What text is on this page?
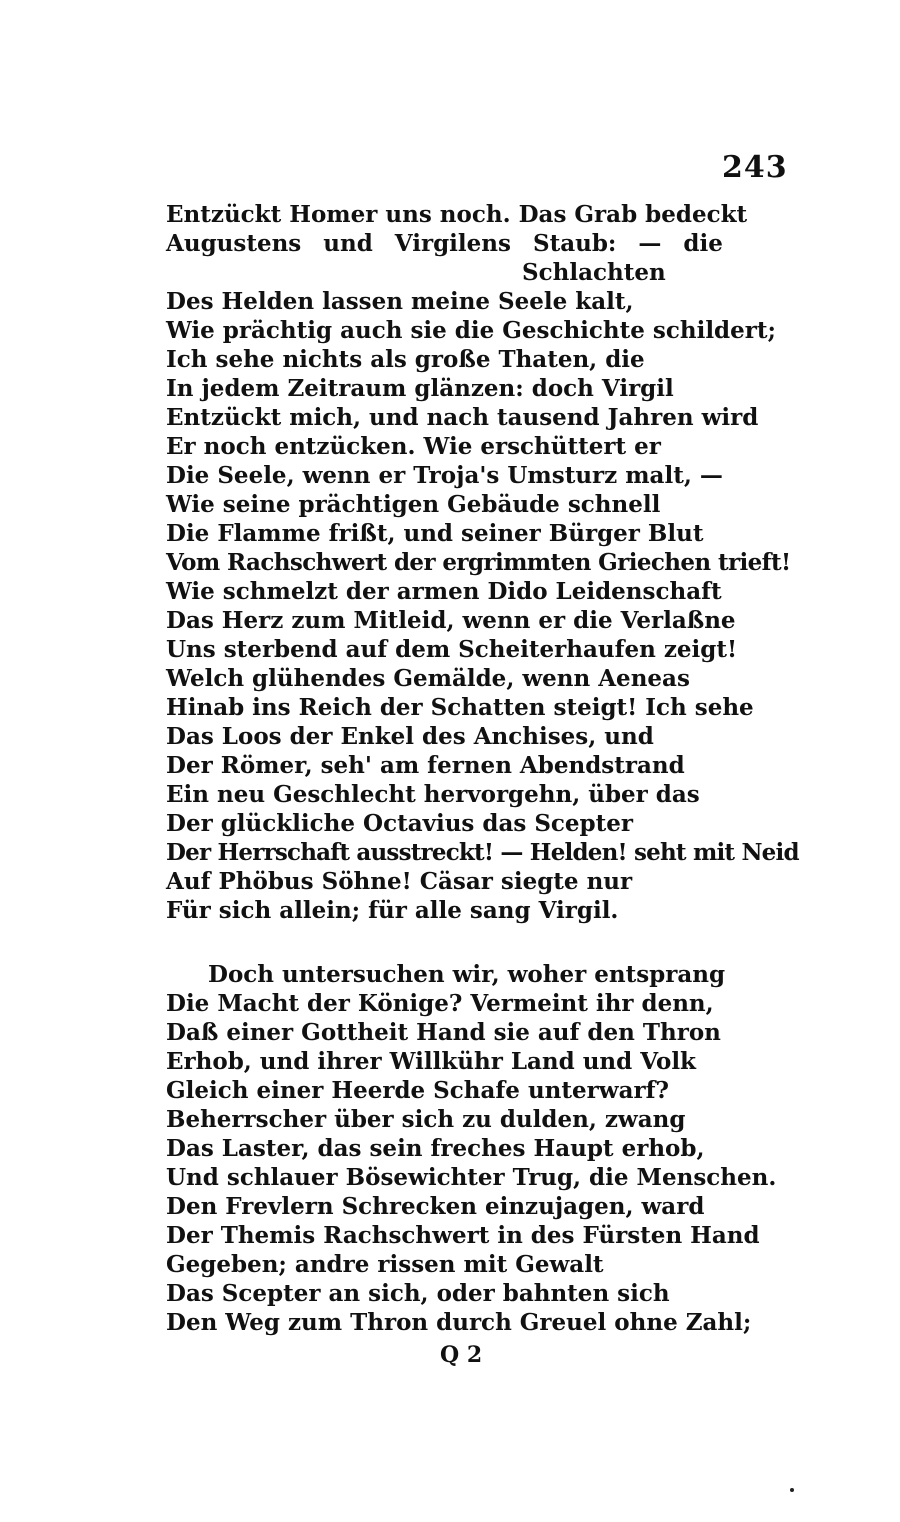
243
Entzückt Homer uns noch. Das Grab bedeckt
Augustens und Virgilens Staub: — die
Schlachten
Des Helden lassen meine Seele kalt,
Wie prächtig auch sie die Geschichte schildert;
Ich sehe nichts als große Thaten, die
In jedem Zeitraum glänzen: doch Virgil
Entzückt mich, und nach tausend Jahren wird
Er noch entzücken. Wie erschüttert er
Die Seele, wenn er Troja's Umsturz malt, —
Wie seine prächtigen Gebäude schnell
Die Flamme frißt, und seiner Bürger Blut
Vom Rachschwert der ergrimmten Griechen trieft!
Wie schmelzt der armen Dido Leidenschaft
Das Herz zum Mitleid, wenn er die Verlaßne
Uns sterbend auf dem Scheiterhaufen zeigt!
Welch glühendes Gemälde, wenn Aeneas
Hinab ins Reich der Schatten steigt! Ich sehe
Das Loos der Enkel des Anchises, und
Der Römer, seh' am fernen Abendstrand
Ein neu Geschlecht hervorgehn, über das
Der glückliche Octavius das Scepter
Der Herrschaft ausstreckt! — Helden! seht mit Neid
Auf Phöbus Söhne! Cäsar siegte nur
Für sich allein; für alle sang Virgil.
Doch untersuchen wir, woher entsprang
Die Macht der Könige? Vermeint ihr denn,
Daß einer Gottheit Hand sie auf den Thron
Erhob, und ihrer Willkühr Land und Volk
Gleich einer Heerde Schafe unterwarf?
Beherrscher über sich zu dulden, zwang
Das Laster, das sein freches Haupt erhob,
Und schlauer Bösewichter Trug, die Menschen.
Den Frevlern Schrecken einzujagen, ward
Der Themis Rachschwert in des Fürsten Hand
Gegeben; andre rissen mit Gewalt
Das Scepter an sich, oder bahnten sich
Den Weg zum Thron durch Greuel ohne Zahl;
Q 2
